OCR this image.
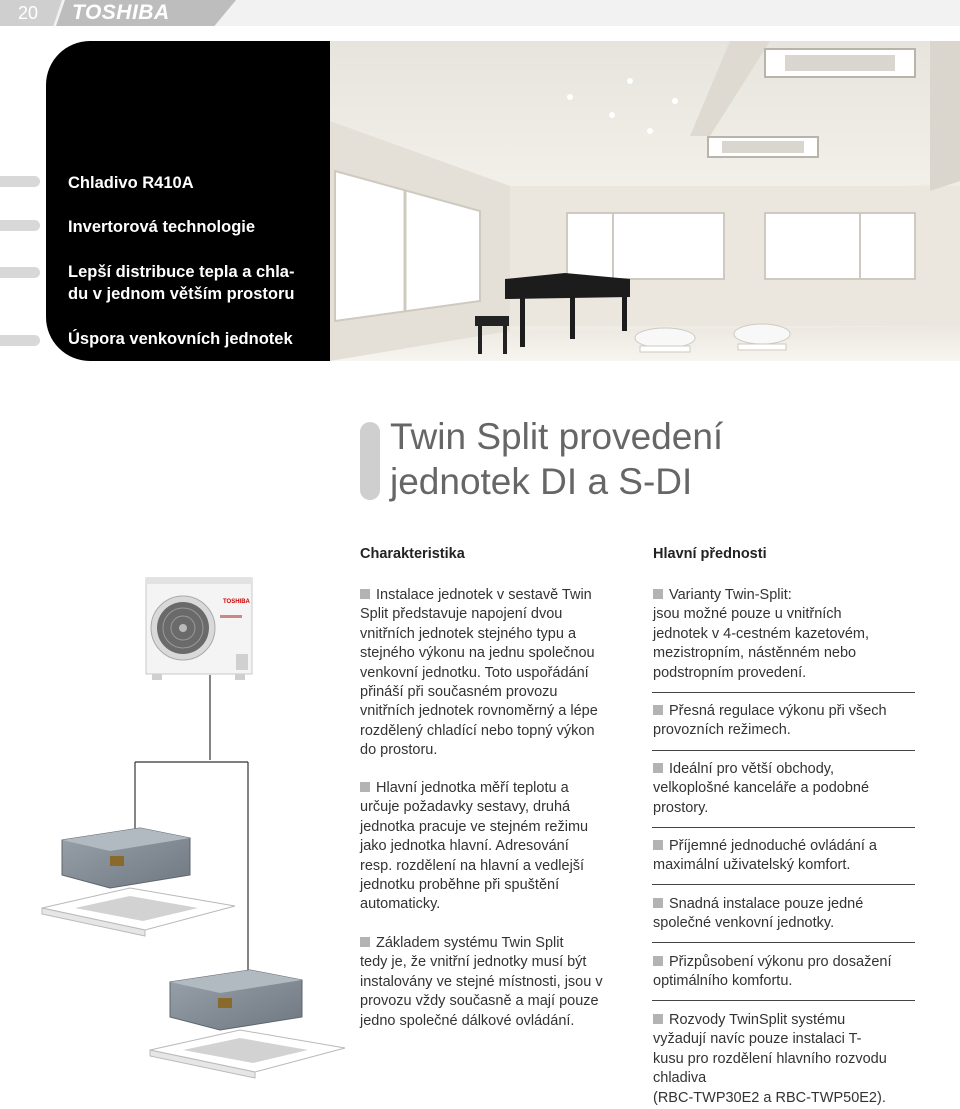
20 TOSHIBA
Chladivo R410A
Invertorová technologie
Lepší distribuce tepla a chla-
du v jednom větším prostoru
Úspora venkovních jednotek
Twin Split provedení
jednotek DI a S-DI
Charakteristika	Hlavní přednosti
Instalace jednotek v sestavě Twin
Split představuje napojení dvou
vnitřních jednotek stejného typu a
stejného výkonu na jednu společnou
venkovní jednotku. Toto uspořádání
přináší při současném provozu
vnitřních jednotek rovnoměrný a lépe
rozdělený chladící nebo topný výkon
do prostoru.
Hlavní jednotka měří teplotu a
určuje požadavky sestavy, druhá
jednotka pracuje ve stejném režimu
jako jednotka hlavní. Adresování
resp. rozdělení na hlavní a vedlejší
jednotku proběhne při spuštění
automaticky.
Základem systému Twin Split
tedy je, že vnitřní jednotky musí být
instalovány ve stejné místnosti, jsou v
provozu vždy současně a mají pouze
jedno společné dálkové ovládání.
Varianty Twin-Split:
jsou možné pouze u vnitřních
jednotek v 4-cestném kazetovém,
mezistropním, nástěnném nebo
podstropním provedení.
Přesná regulace výkonu při všech
provozních režimech.
Ideální pro větší obchody,
velkoplošné kanceláře a podobné
prostory.
Příjemné jednoduché ovládání a
maximální uživatelský komfort.
Snadná instalace pouze jedné
společné venkovní jednotky.
Přizpůsobení výkonu pro dosažení
optimálního komfortu.
Rozvody TwinSplit systému
vyžadují navíc pouze instalaci T-
kusu pro rozdělení hlavního rozvodu
chladiva
(RBC-TWP30E2 a RBC-TWP50E2).
TOSHIBA
